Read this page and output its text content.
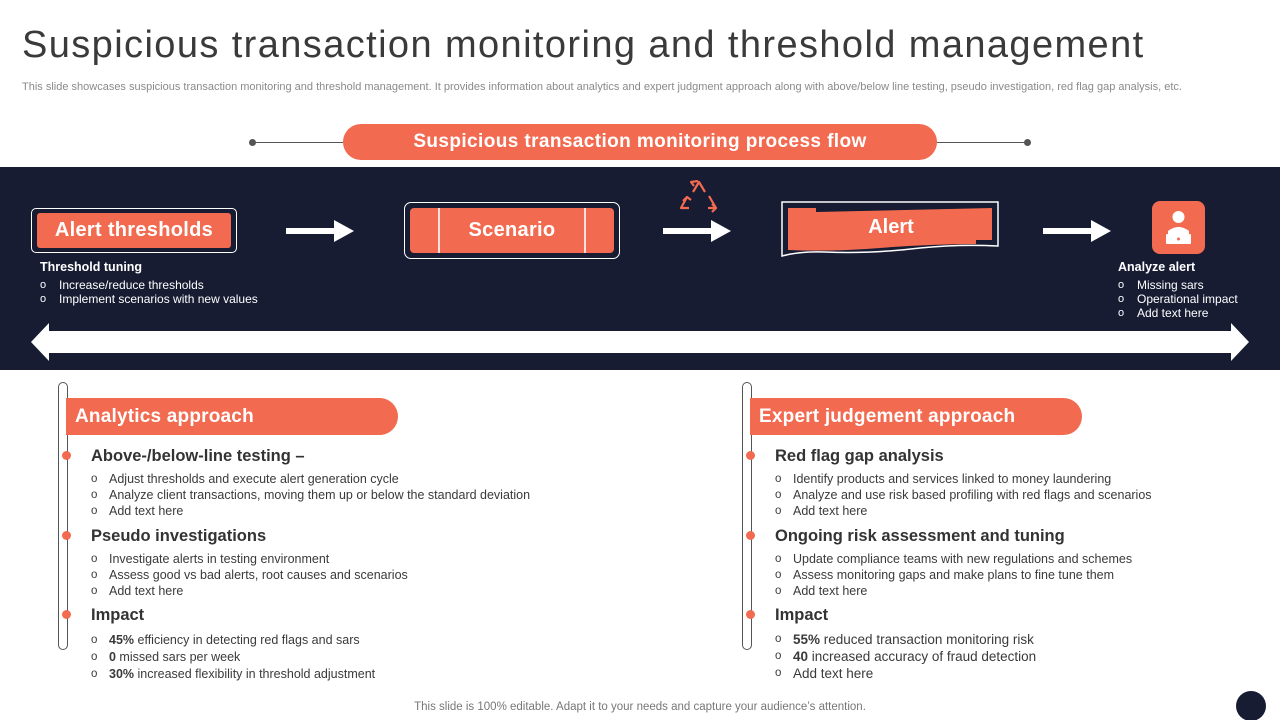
Suspicious transaction monitoring and threshold management
This slide showcases suspicious transaction monitoring and threshold management. It provides information about analytics and expert judgment approach along with above/below line testing, pseudo investigation, red flag gap analysis, etc.
Suspicious transaction monitoring process flow
Alert thresholds	Scenario	Alert
Threshold tuning
o Increase/reduce thresholds
o Implement scenarios with new values
Analyze alert
o Missing sars
o Operational impact
o Add text here
Analytics approach
Above-/below-line testing –
o Adjust thresholds and execute alert generation cycle
o Analyze client transactions, moving them up or below the standard deviation
o Add text here
Pseudo investigations
o Investigate alerts in testing environment
o Assess good vs bad alerts, root causes and scenarios
o Add text here
Impact
o 45% efficiency in detecting red flags and sars
o 0 missed sars per week
o 30% increased flexibility in threshold adjustment
Expert judgement approach
Red flag gap analysis
o Identify products and services linked to money laundering
o Analyze and use risk based profiling with red flags and scenarios
o Add text here
Ongoing risk assessment and tuning
o Update compliance teams with new regulations and schemes
o Assess monitoring gaps and make plans to fine tune them
o Add text here
Impact
o 55% reduced transaction monitoring risk
o 40 increased accuracy of fraud detection
o Add text here
This slide is 100% editable. Adapt it to your needs and capture your audience’s attention.
